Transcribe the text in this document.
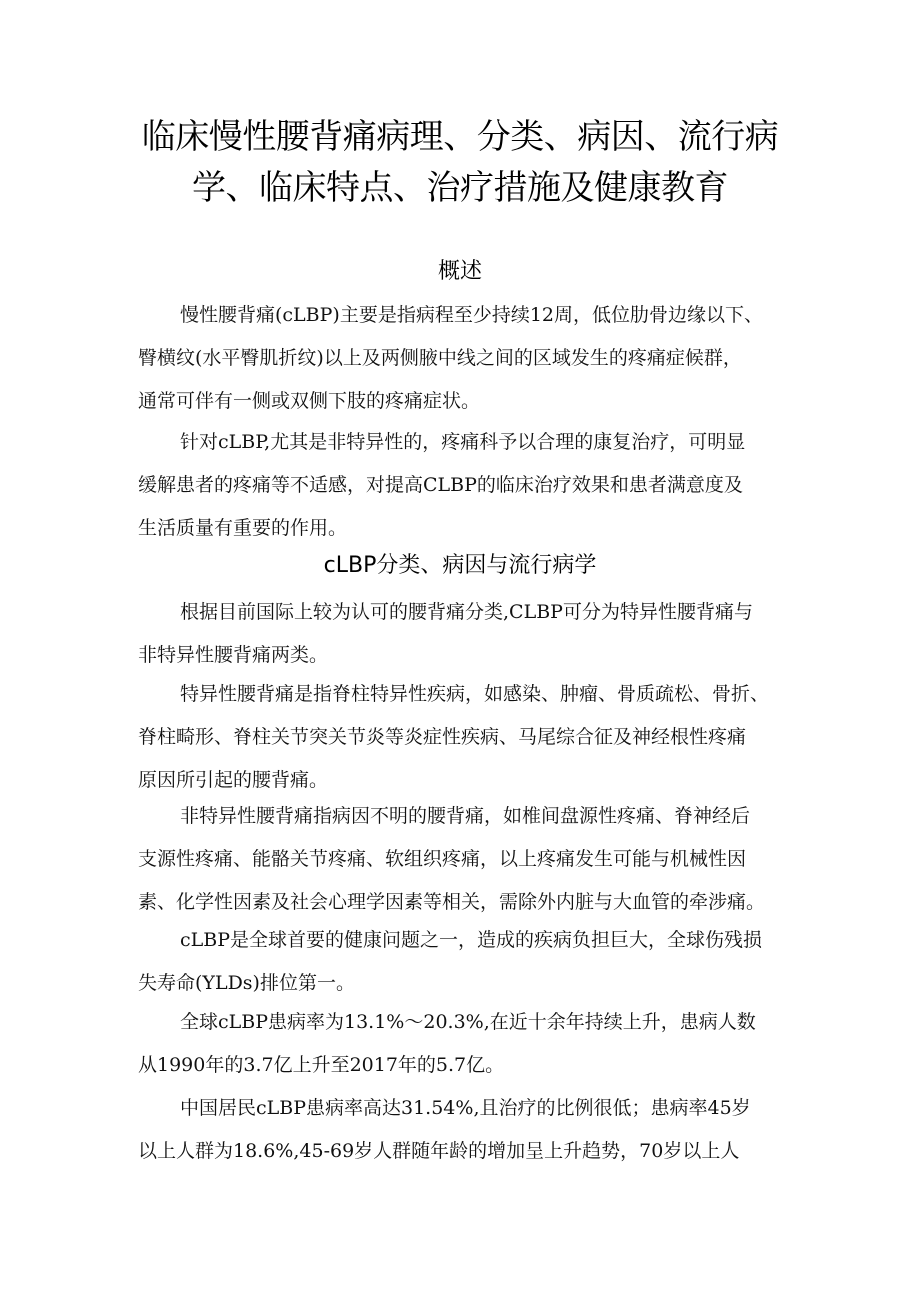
临床慢性腰背痛病理、分类、病因、流行病
学、临床特点、治疗措施及健康教育
概述

慢性腰背痛(cLBP)主要是指病程至少持续12周，低位肋骨边缘以下、
臀横纹(水平臀肌折纹)以上及两侧腋中线之间的区域发生的疼痛症候群，
通常可伴有一侧或双侧下肢的疼痛症状。

针对cLBP,尤其是非特异性的，疼痛科予以合理的康复治疗，可明显
缓解患者的疼痛等不适感，对提高CLBP的临床治疗效果和患者满意度及
生活质量有重要的作用。

cLBP分类、病因与流行病学

根据目前国际上较为认可的腰背痛分类,CLBP可分为特异性腰背痛与
非特异性腰背痛两类。

特异性腰背痛是指脊柱特异性疾病，如感染、肿瘤、骨质疏松、骨折、
脊柱畸形、脊柱关节突关节炎等炎症性疾病、马尾综合征及神经根性疼痛
原因所引起的腰背痛。

非特异性腰背痛指病因不明的腰背痛，如椎间盘源性疼痛、脊神经后
支源性疼痛、能骼关节疼痛、软组织疼痛，以上疼痛发生可能与机械性因
素、化学性因素及社会心理学因素等相关，需除外内脏与大血管的牵涉痛。

cLBP是全球首要的健康问题之一，造成的疾病负担巨大，全球伤残损
失寿命(YLDs)排位第一。

全球cLBP患病率为13.1%～20.3%,在近十余年持续上升，患病人数
从1990年的3.7亿上升至2017年的5.7亿。

中国居民cLBP患病率高达31.54%,且治疗的比例很低；患病率45岁
以上人群为18.6%,45-69岁人群随年龄的增加呈上升趋势，70岁以上人
